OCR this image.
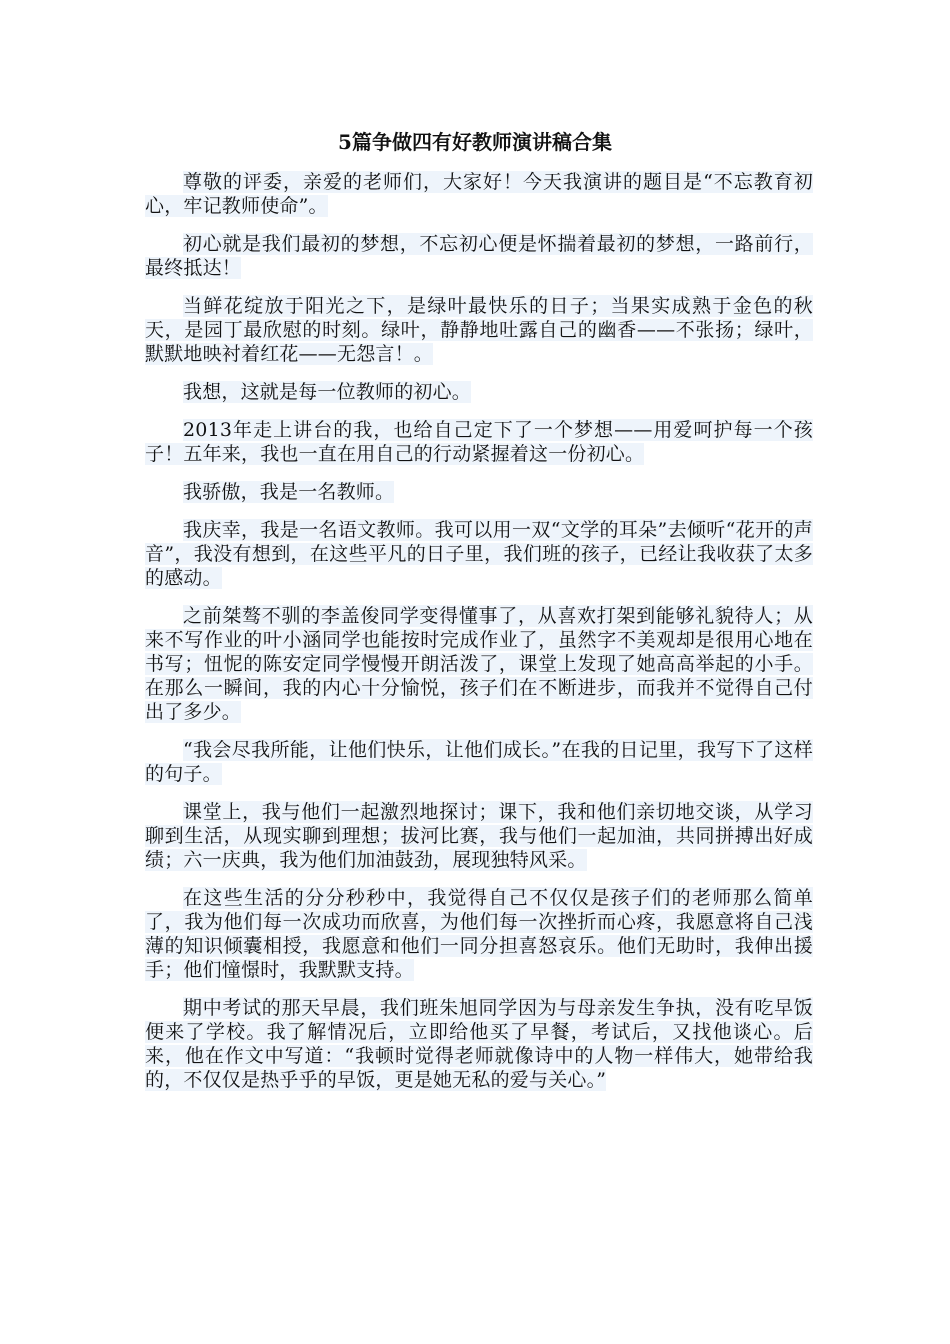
5篇争做四有好教师演讲稿合集

尊敬的评委，亲爱的老师们，大家好！今天我演讲的题目是“不忘教育初心，牢记教师使命”。

初心就是我们最初的梦想，不忘初心便是怀揣着最初的梦想，一路前行，最终抵达！

当鲜花绽放于阳光之下，是绿叶最快乐的日子；当果实成熟于金色的秋天，是园丁最欣慰的时刻。绿叶，静静地吐露自己的幽香——不张扬；绿叶，默默地映衬着红花——无怨言！。

我想，这就是每一位教师的初心。

2013年走上讲台的我，也给自己定下了一个梦想——用爱呵护每一个孩子！五年来，我也一直在用自己的行动紧握着这一份初心。

我骄傲，我是一名教师。

我庆幸，我是一名语文教师。我可以用一双“文学的耳朵”去倾听“花开的声音”，我没有想到，在这些平凡的日子里，我们班的孩子，已经让我收获了太多的感动。

之前桀骜不驯的李盖俊同学变得懂事了，从喜欢打架到能够礼貌待人；从来不写作业的叶小涵同学也能按时完成作业了，虽然字不美观却是很用心地在书写；忸怩的陈安定同学慢慢开朗活泼了，课堂上发现了她高高举起的小手。在那么一瞬间，我的内心十分愉悦，孩子们在不断进步，而我并不觉得自己付出了多少。

“我会尽我所能，让他们快乐，让他们成长。”在我的日记里，我写下了这样的句子。

课堂上，我与他们一起激烈地探讨；课下，我和他们亲切地交谈，从学习聊到生活，从现实聊到理想；拔河比赛，我与他们一起加油，共同拼搏出好成绩；六一庆典，我为他们加油鼓劲，展现独特风采。

在这些生活的分分秒秒中，我觉得自己不仅仅是孩子们的老师那么简单了，我为他们每一次成功而欣喜，为他们每一次挫折而心疼，我愿意将自己浅薄的知识倾囊相授，我愿意和他们一同分担喜怒哀乐。他们无助时，我伸出援手；他们憧憬时，我默默支持。

期中考试的那天早晨，我们班朱旭同学因为与母亲发生争执，没有吃早饭便来了学校。我了解情况后，立即给他买了早餐，考试后，又找他谈心。后来，他在作文中写道：“我顿时觉得老师就像诗中的人物一样伟大，她带给我的，不仅仅是热乎乎的早饭，更是她无私的爱与关心。”
